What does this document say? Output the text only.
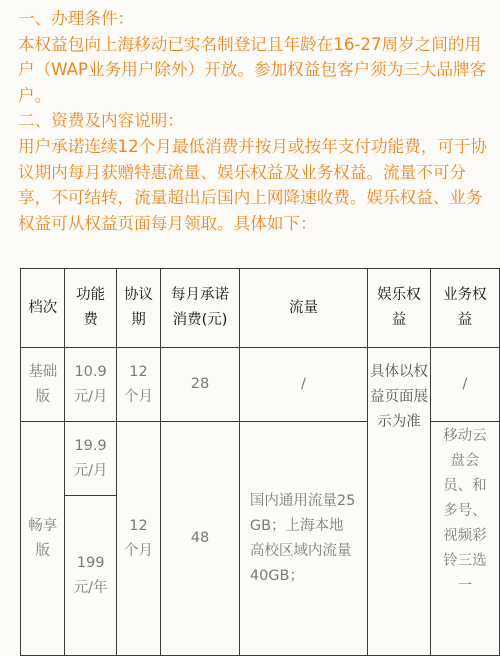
一、办理条件：

本权益包向上海移动已实名制登记且年龄在16-27周岁之间的用户（WAP业务用户除外）开放。参加权益包客户须为三大品牌客户。

二、资费及内容说明：

用户承诺连续12个月最低消费并按月或按年支付功能费，可于协议期内每月获赠特惠流量、娱乐权益及业务权益。流量不可分享，不可结转，流量超出后国内上网降速收费。娱乐权益、业务权益可从权益页面每月领取。具体如下：

档次	功能费	协议期	每月承诺消费(元)	流量	娱乐权益	业务权益
基础版	10.9元/月	12个月	28	/	具体以权益页面展示为准	/
畅享版	19.9元/月	12个月	48	国内通用流量25GB；上海本地高校区域内流量40GB；		移动云盘会员、和多号、视频彩铃三选一
	199元/年					
